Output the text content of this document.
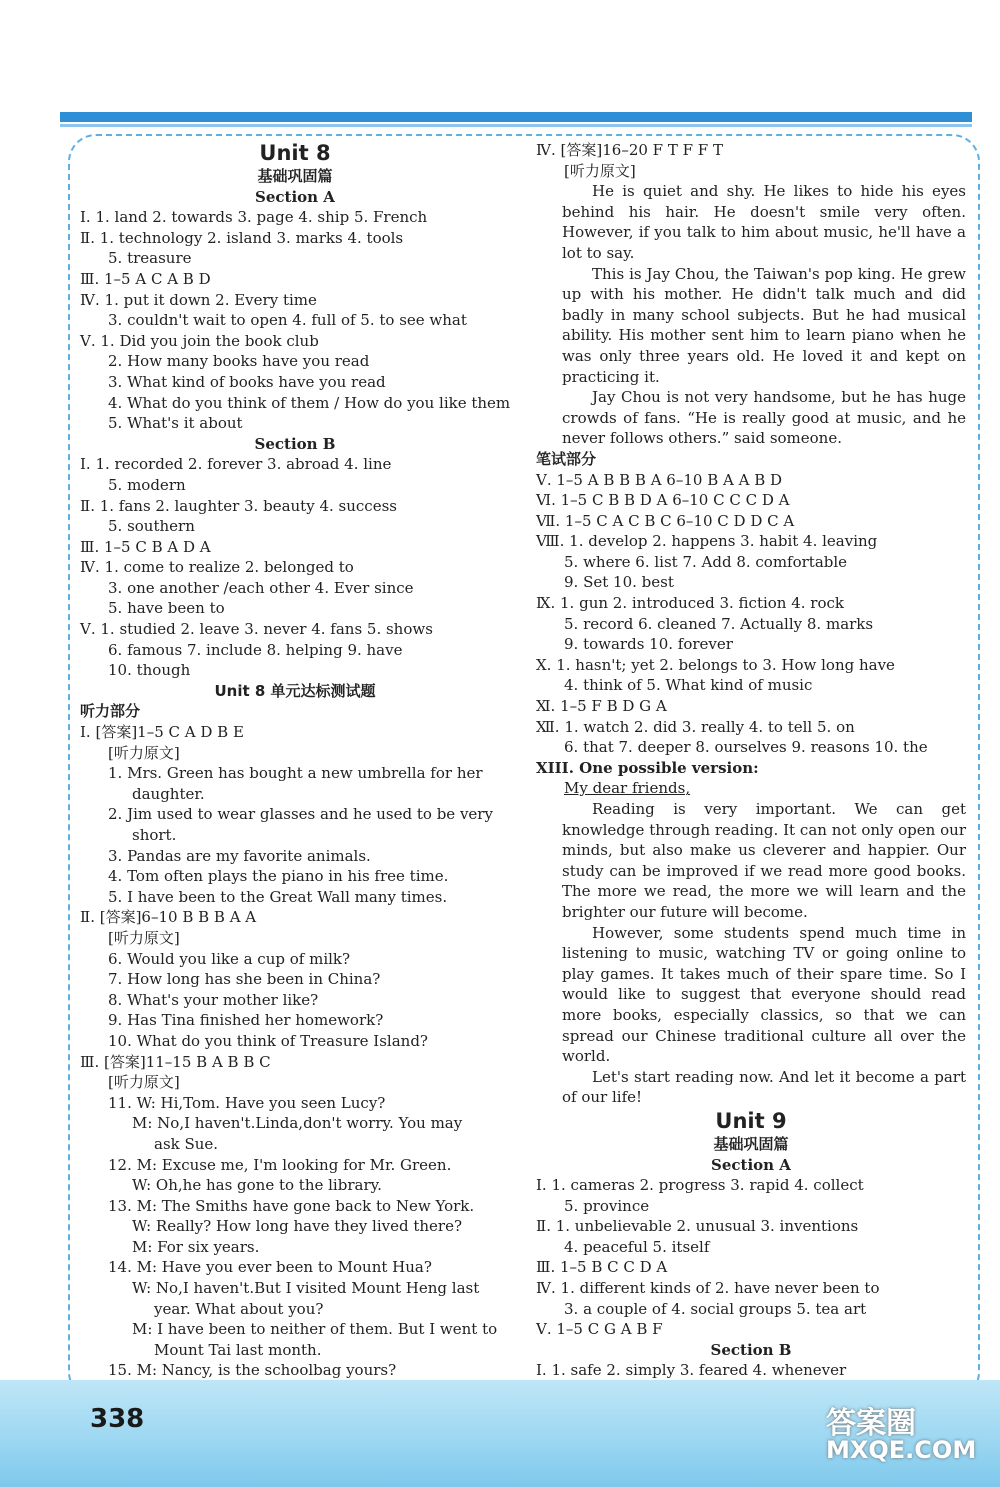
Unit 8
基础巩固篇
Section A
Ⅰ. 1. land 2. towards 3. page 4. ship 5. French
Ⅱ. 1. technology 2. island 3. marks 4. tools
5. treasure
Ⅲ. 1–5 A C A B D
Ⅳ. 1. put it down 2. Every time
3. couldn't wait to open 4. full of 5. to see what
Ⅴ. 1. Did you join the book club
2. How many books have you read
3. What kind of books have you read
4. What do you think of them / How do you like them
5. What's it about
Section B
Ⅰ. 1. recorded 2. forever 3. abroad 4. line
5. modern
Ⅱ. 1. fans 2. laughter 3. beauty 4. success
5. southern
Ⅲ. 1–5 C B A D A
Ⅳ. 1. come to realize 2. belonged to
3. one another /each other 4. Ever since
5. have been to
Ⅴ. 1. studied 2. leave 3. never 4. fans 5. shows
6. famous 7. include 8. helping 9. have
10. though
Unit 8 单元达标测试题
听力部分
Ⅰ. [答案]1–5 C A D B E
[听力原文]
1. Mrs. Green has bought a new umbrella for her
daughter.
2. Jim used to wear glasses and he used to be very
short.
3. Pandas are my favorite animals.
4. Tom often plays the piano in his free time.
5. I have been to the Great Wall many times.
Ⅱ. [答案]6–10 B B B A A
[听力原文]
6. Would you like a cup of milk?
7. How long has she been in China?
8. What's your mother like?
9. Has Tina finished her homework?
10. What do you think of Treasure Island?
Ⅲ. [答案]11–15 B A B B C
[听力原文]
11. W: Hi,Tom. Have you seen Lucy?
M: No,I haven't.Linda,don't worry. You may
ask Sue.
12. M: Excuse me, I'm looking for Mr. Green.
W: Oh,he has gone to the library.
13. M: The Smiths have gone back to New York.
W: Really? How long have they lived there?
M: For six years.
14. M: Have you ever been to Mount Hua?
W: No,I haven't.But I visited Mount Heng last
year. What about you?
M: I have been to neither of them. But I went to
Mount Tai last month.
15. M: Nancy, is the schoolbag yours?
Ⅳ. [答案]16–20 F T F F T
[听力原文]
He is quiet and shy. He likes to hide his eyes behind his hair. He doesn't smile very often. However, if you talk to him about music, he'll have a lot to say.
This is Jay Chou, the Taiwan's pop king. He grew up with his mother. He didn't talk much and did badly in many school subjects. But he had musical ability. His mother sent him to learn piano when he was only three years old. He loved it and kept on practicing it.
Jay Chou is not very handsome, but he has huge crowds of fans. “He is really good at music, and he never follows others.” said someone.
笔试部分
Ⅴ. 1–5 A B B B A 6–10 B A A B D
Ⅵ. 1–5 C B B D A 6–10 C C C D A
Ⅶ. 1–5 C A C B C 6–10 C D D C A
Ⅷ. 1. develop 2. happens 3. habit 4. leaving
5. where 6. list 7. Add 8. comfortable
9. Set 10. best
Ⅸ. 1. gun 2. introduced 3. fiction 4. rock
5. record 6. cleaned 7. Actually 8. marks
9. towards 10. forever
Ⅹ. 1. hasn't; yet 2. belongs to 3. How long have
4. think of 5. What kind of music
Ⅺ. 1–5 F B D G A
Ⅻ. 1. watch 2. did 3. really 4. to tell 5. on
6. that 7. deeper 8. ourselves 9. reasons 10. the
XIII. One possible version:
My dear friends,
Reading is very important. We can get knowledge through reading. It can not only open our minds, but also make us cleverer and happier. Our study can be improved if we read more good books. The more we read, the more we will learn and the brighter our future will become.
However, some students spend much time in listening to music, watching TV or going online to play games. It takes much of their spare time. So I would like to suggest that everyone should read more books, especially classics, so that we can spread our Chinese traditional culture all over the world.
Let's start reading now. And let it become a part of our life!
Unit 9
基础巩固篇
Section A
Ⅰ. 1. cameras 2. progress 3. rapid 4. collect
5. province
Ⅱ. 1. unbelievable 2. unusual 3. inventions
4. peaceful 5. itself
Ⅲ. 1–5 B C C D A
Ⅳ. 1. different kinds of 2. have never been to
3. a couple of 4. social groups 5. tea art
Ⅴ. 1–5 C G A B F
Section B
Ⅰ. 1. safe 2. simply 3. feared 4. whenever
338	答案圈
MXQE.COM
